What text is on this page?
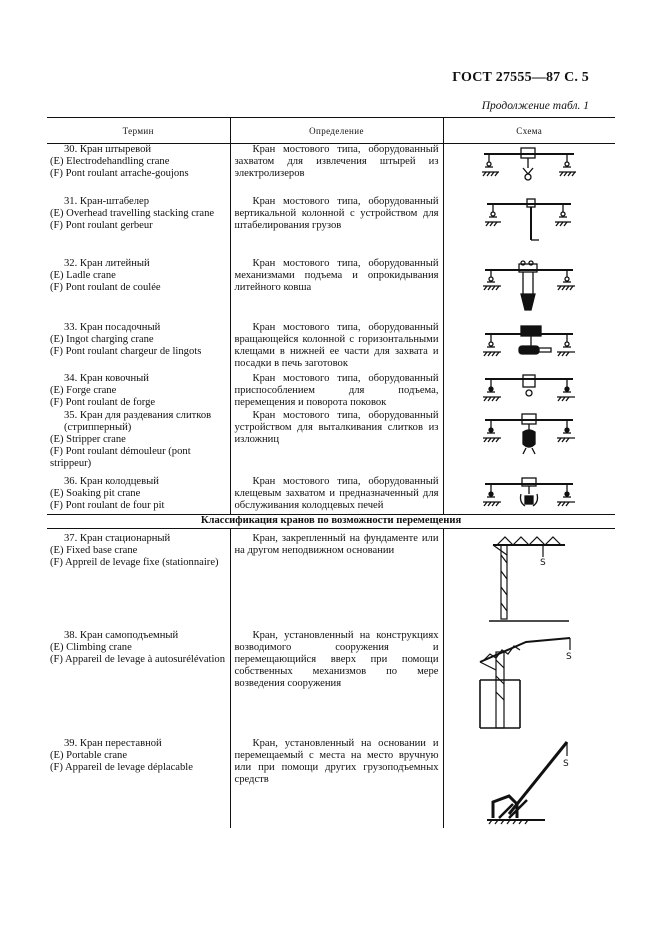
ГОСТ 27555—87 С. 5
Продолжение табл. 1
Термин	Определение	Схема

30. Кран штыревой
(E) Electrodehandling crane
(F) Pont roulant arrache-goujons	Кран мостового типа, оборудованный захватом для извлечения штырей из электролизеров

31. Кран-штабелер
(E) Overhead travelling stacking crane
(F) Pont roulant gerbeur	Кран мостового типа, оборудованный вертикальной колонной с устройством для штабелирования грузов

32. Кран литейный
(E) Ladle crane
(F) Pont roulant de coulée	Кран мостового типа, оборудованный механизмами подъема и опрокидывания литейного ковша

33. Кран посадочный
(E) Ingot charging crane
(F) Pont roulant chargeur de lingots	Кран мостового типа, оборудованный вращающейся колонной с горизонтальными клещами в нижней ее части для захвата и посадки в печь заготовок

34. Кран ковочный
(E) Forge crane
(F) Pont roulant de forge	Кран мостового типа, оборудованный приспособлением для подъема, перемещения и поворота поковок

35. Кран для раздевания слитков (стрипперный)
(E) Stripper crane
(F) Pont roulant démouleur (pont strippeur)	Кран мостового типа, оборудованный устройством для выталкивания слитков из изложниц

36. Кран колодцевый
(E) Soaking pit crane
(F) Pont roulant de four pit	Кран мостового типа, оборудованный клещевым захватом и предназначенный для обслуживания колодцевых печей

Классификация кранов по возможности перемещения		

37. Кран стационарный
(E) Fixed base crane
(F) Appreil de levage fixe (stationnaire)	Кран, закрепленный на фундаменте или на другом неподвижном основании	S

38. Кран самоподъемный
(E) Climbing crane
(F) Appareil de levage à autosurélévation	Кран, установленный на конструкциях возводимого сооружения и перемещающийся вверх при помощи собственных механизмов по мере возведения сооружения	S

39. Кран переставной
(E) Portable crane
(F) Appareil de levage déplacable	Кран, установленный на основании и перемещаемый с места на место вручную или при помощи других грузоподъемных средств	S
